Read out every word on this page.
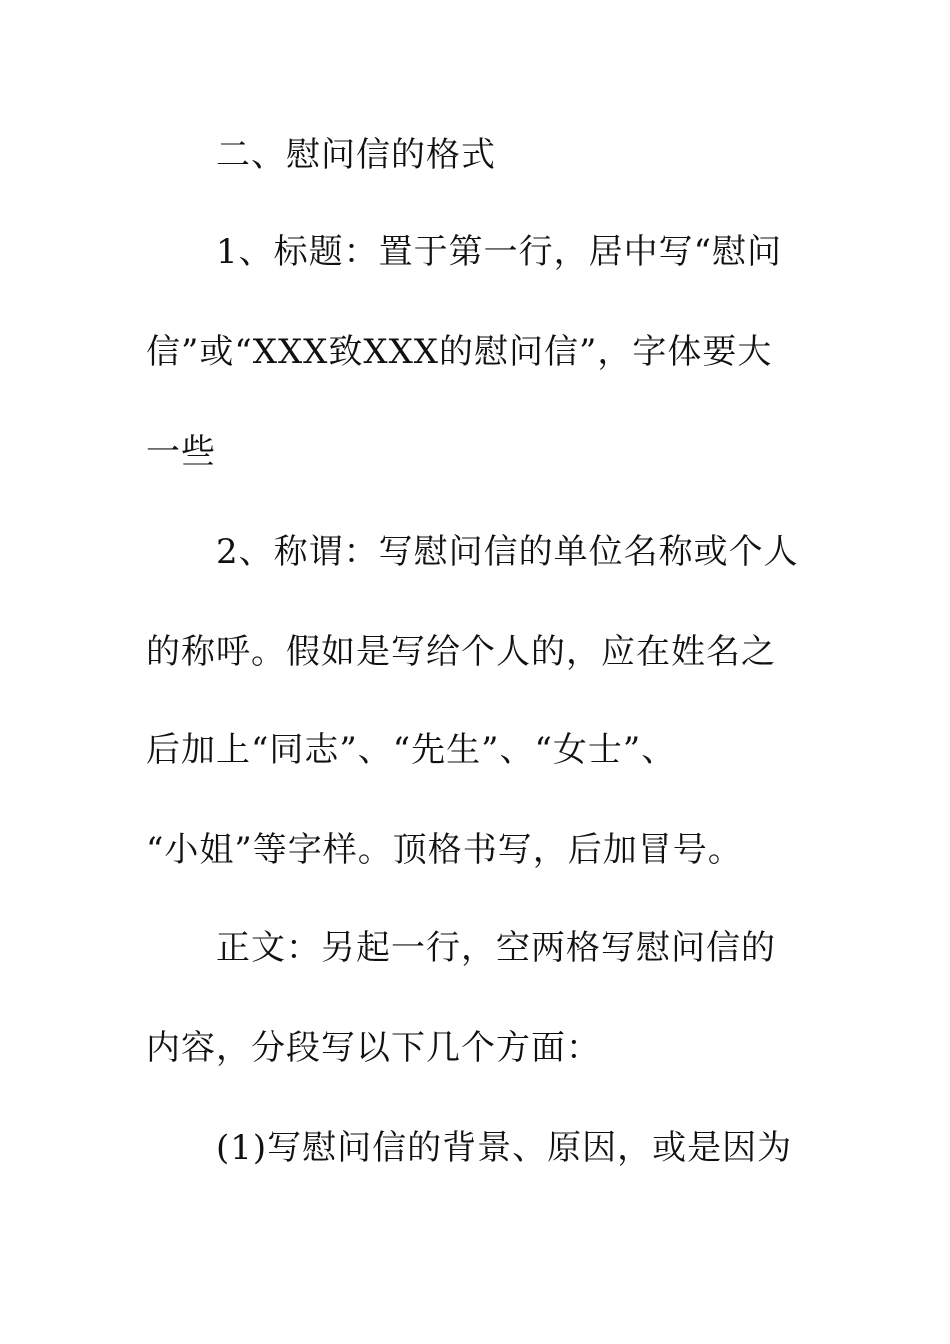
二、慰问信的格式
1、标题：置于第一行，居中写“慰问
信”或“XXX致XXX的慰问信”，字体要大
一些
2、称谓：写慰问信的单位名称或个人
的称呼。假如是写给个人的，应在姓名之
后加上“同志”、“先生”、“女士”、
“小姐”等字样。顶格书写，后加冒号。
正文：另起一行，空两格写慰问信的
内容，分段写以下几个方面：
(1)写慰问信的背景、原因，或是因为
